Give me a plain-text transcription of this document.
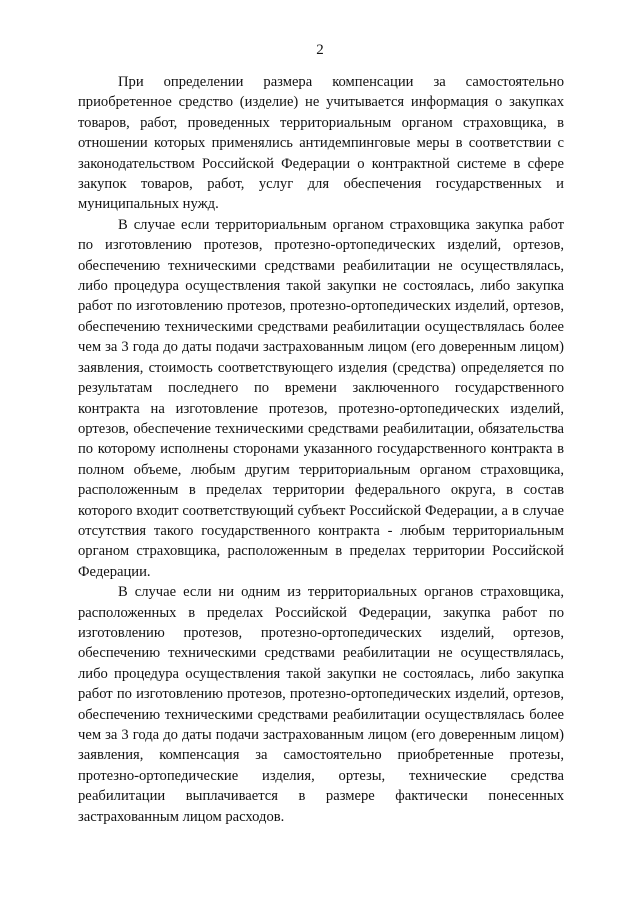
2

При определении размера компенсации за самостоятельно приобретенное средство (изделие) не учитывается информация о закупках товаров, работ, проведенных территориальным органом страховщика, в отношении которых применялись антидемпинговые меры в соответствии с законодательством Российской Федерации о контрактной системе в сфере закупок товаров, работ, услуг для обеспечения государственных и муниципальных нужд.

В случае если территориальным органом страховщика закупка работ по изготовлению протезов, протезно-ортопедических изделий, ортезов, обеспечению техническими средствами реабилитации не осуществлялась, либо процедура осуществления такой закупки не состоялась, либо закупка работ по изготовлению протезов, протезно-ортопедических изделий, ортезов, обеспечению техническими средствами реабилитации осуществлялась более чем за 3 года до даты подачи застрахованным лицом (его доверенным лицом) заявления, стоимость соответствующего изделия (средства) определяется по результатам последнего по времени заключенного государственного контракта на изготовление протезов, протезно-ортопедических изделий, ортезов, обеспечение техническими средствами реабилитации, обязательства по которому исполнены сторонами указанного государственного контракта в полном объеме, любым другим территориальным органом страховщика, расположенным в пределах территории федерального округа, в состав которого входит соответствующий субъект Российской Федерации, а в случае отсутствия такого государственного контракта - любым территориальным органом страховщика, расположенным в пределах территории Российской Федерации.

В случае если ни одним из территориальных органов страховщика, расположенных в пределах Российской Федерации, закупка работ по изготовлению протезов, протезно-ортопедических изделий, ортезов, обеспечению техническими средствами реабилитации не осуществлялась, либо процедура осуществления такой закупки не состоялась, либо закупка работ по изготовлению протезов, протезно-ортопедических изделий, ортезов, обеспечению техническими средствами реабилитации осуществлялась более чем за 3 года до даты подачи застрахованным лицом (его доверенным лицом) заявления, компенсация за самостоятельно приобретенные протезы, протезно-ортопедические изделия, ортезы, технические средства реабилитации выплачивается в размере фактически понесенных застрахованным лицом расходов.
